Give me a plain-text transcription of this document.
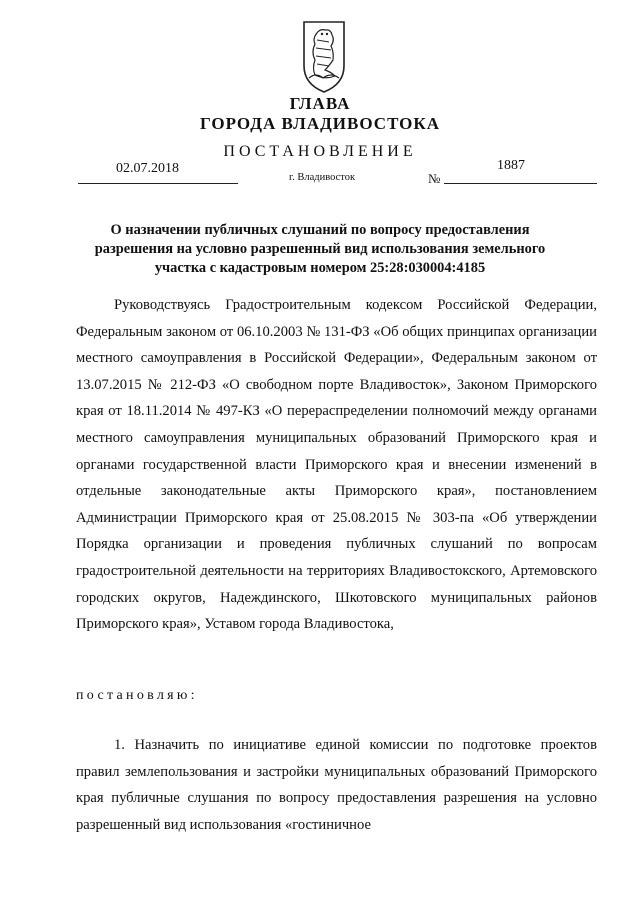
ГЛАВА
ГОРОДА ВЛАДИВОСТОКА
ПОСТАНОВЛЕНИЕ
02.07.2018
г. Владивосток	№
1887
О назначении публичных слушаний по вопросу предоставления разрешения на условно разрешенный вид использования земельного участка с кадастровым номером 25:28:030004:4185

Руководствуясь Градостроительным кодексом Российской Федерации, Федеральным законом от 06.10.2003 № 131-ФЗ «Об общих принципах организации местного самоуправления в Российской Федерации», Федеральным законом от 13.07.2015 № 212-ФЗ «О свободном порте Владивосток», Законом Приморского края от 18.11.2014 № 497-КЗ «О перераспределении полномочий между органами местного самоуправления муниципальных образований Приморского края и органами государственной власти Приморского края и внесении изменений в отдельные законодательные акты Приморского края», постановлением Администрации Приморского края от 25.08.2015 № 303-па «Об утверждении Порядка организации и проведения публичных слушаний по вопросам градостроительной деятельности на территориях Владивостокского, Артемовского городских округов, Надеждинского, Шкотовского муниципальных районов Приморского края», Уставом города Владивостока,

постановляю:

1. Назначить по инициативе единой комиссии по подготовке проектов правил землепользования и застройки муниципальных образований Приморского края публичные слушания по вопросу предоставления разрешения на условно разрешенный вид использования «гостиничное
